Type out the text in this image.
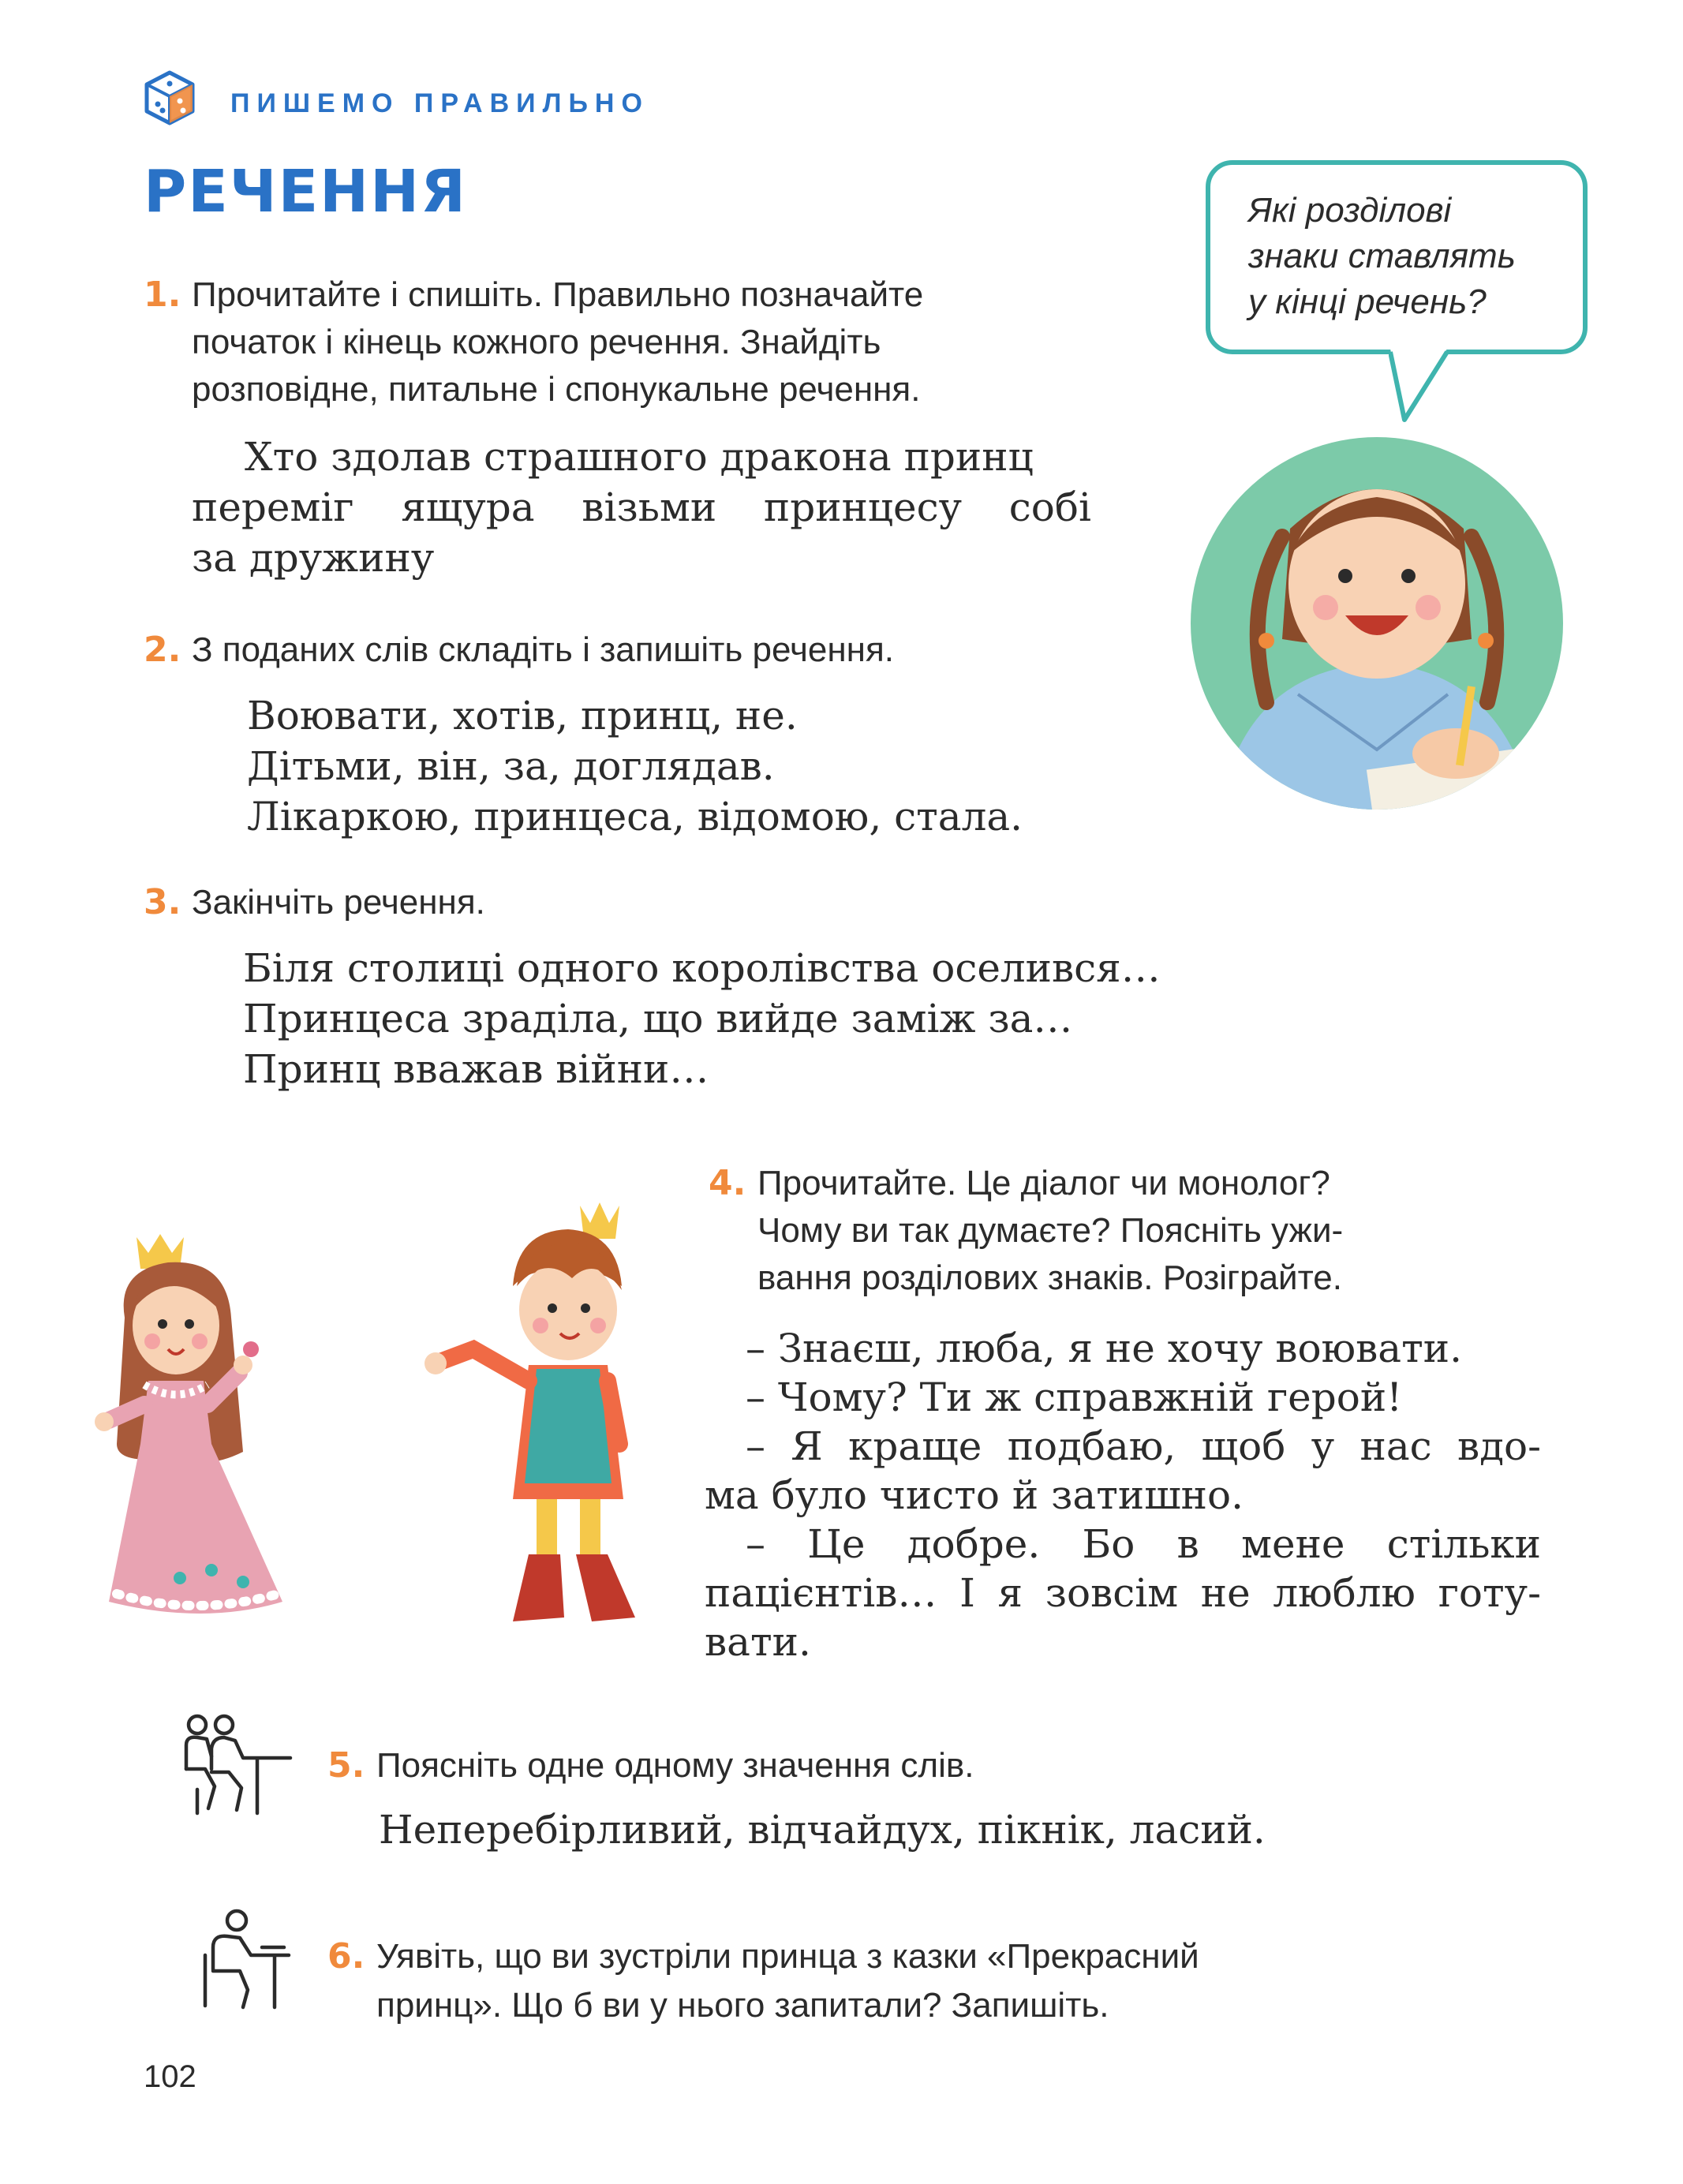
ПИШЕМО ПРАВИЛЬНО
РЕЧЕННЯ
1. Прочитайте і спишіть. Правильно позначайте
початок і кінець кожного речення. Знайдіть
розповідне, питальне і спонукальне речення.
Хто здолав страшного дракона принц
переміг ящура візьми принцесу собі
за дружину
Які розділові
знаки ставлять
у кінці речень?
2. З поданих слів складіть і запишіть речення.
Воювати, хотів, принц, не.
Дітьми, він, за, доглядав.
Лікаркою, принцеса, відомою, стала.
3. Закінчіть речення.
Біля столиці одного королівства оселився…
Принцеса зраділа, що вийде заміж за…
Принц вважав війни…
4. Прочитайте. Це діалог чи монолог?
Чому ви так думаєте? Поясніть ужи-
вання розділових знаків. Розіграйте.
– Знаєш, люба, я не хочу воювати.
– Чому? Ти ж справжній герой!
– Я краще подбаю, щоб у нас вдо-
ма було чисто й затишно.
– Це добре. Бо в мене стільки
пацієнтів… І я зовсім не люблю готу-
вати.
5. Поясніть одне одному значення слів.
Неперебірливий, відчайдух, пікнік, ласий.
6. Уявіть, що ви зустріли принца з казки «Прекрасний
принц». Що б ви у нього запитали? Запишіть.
102
